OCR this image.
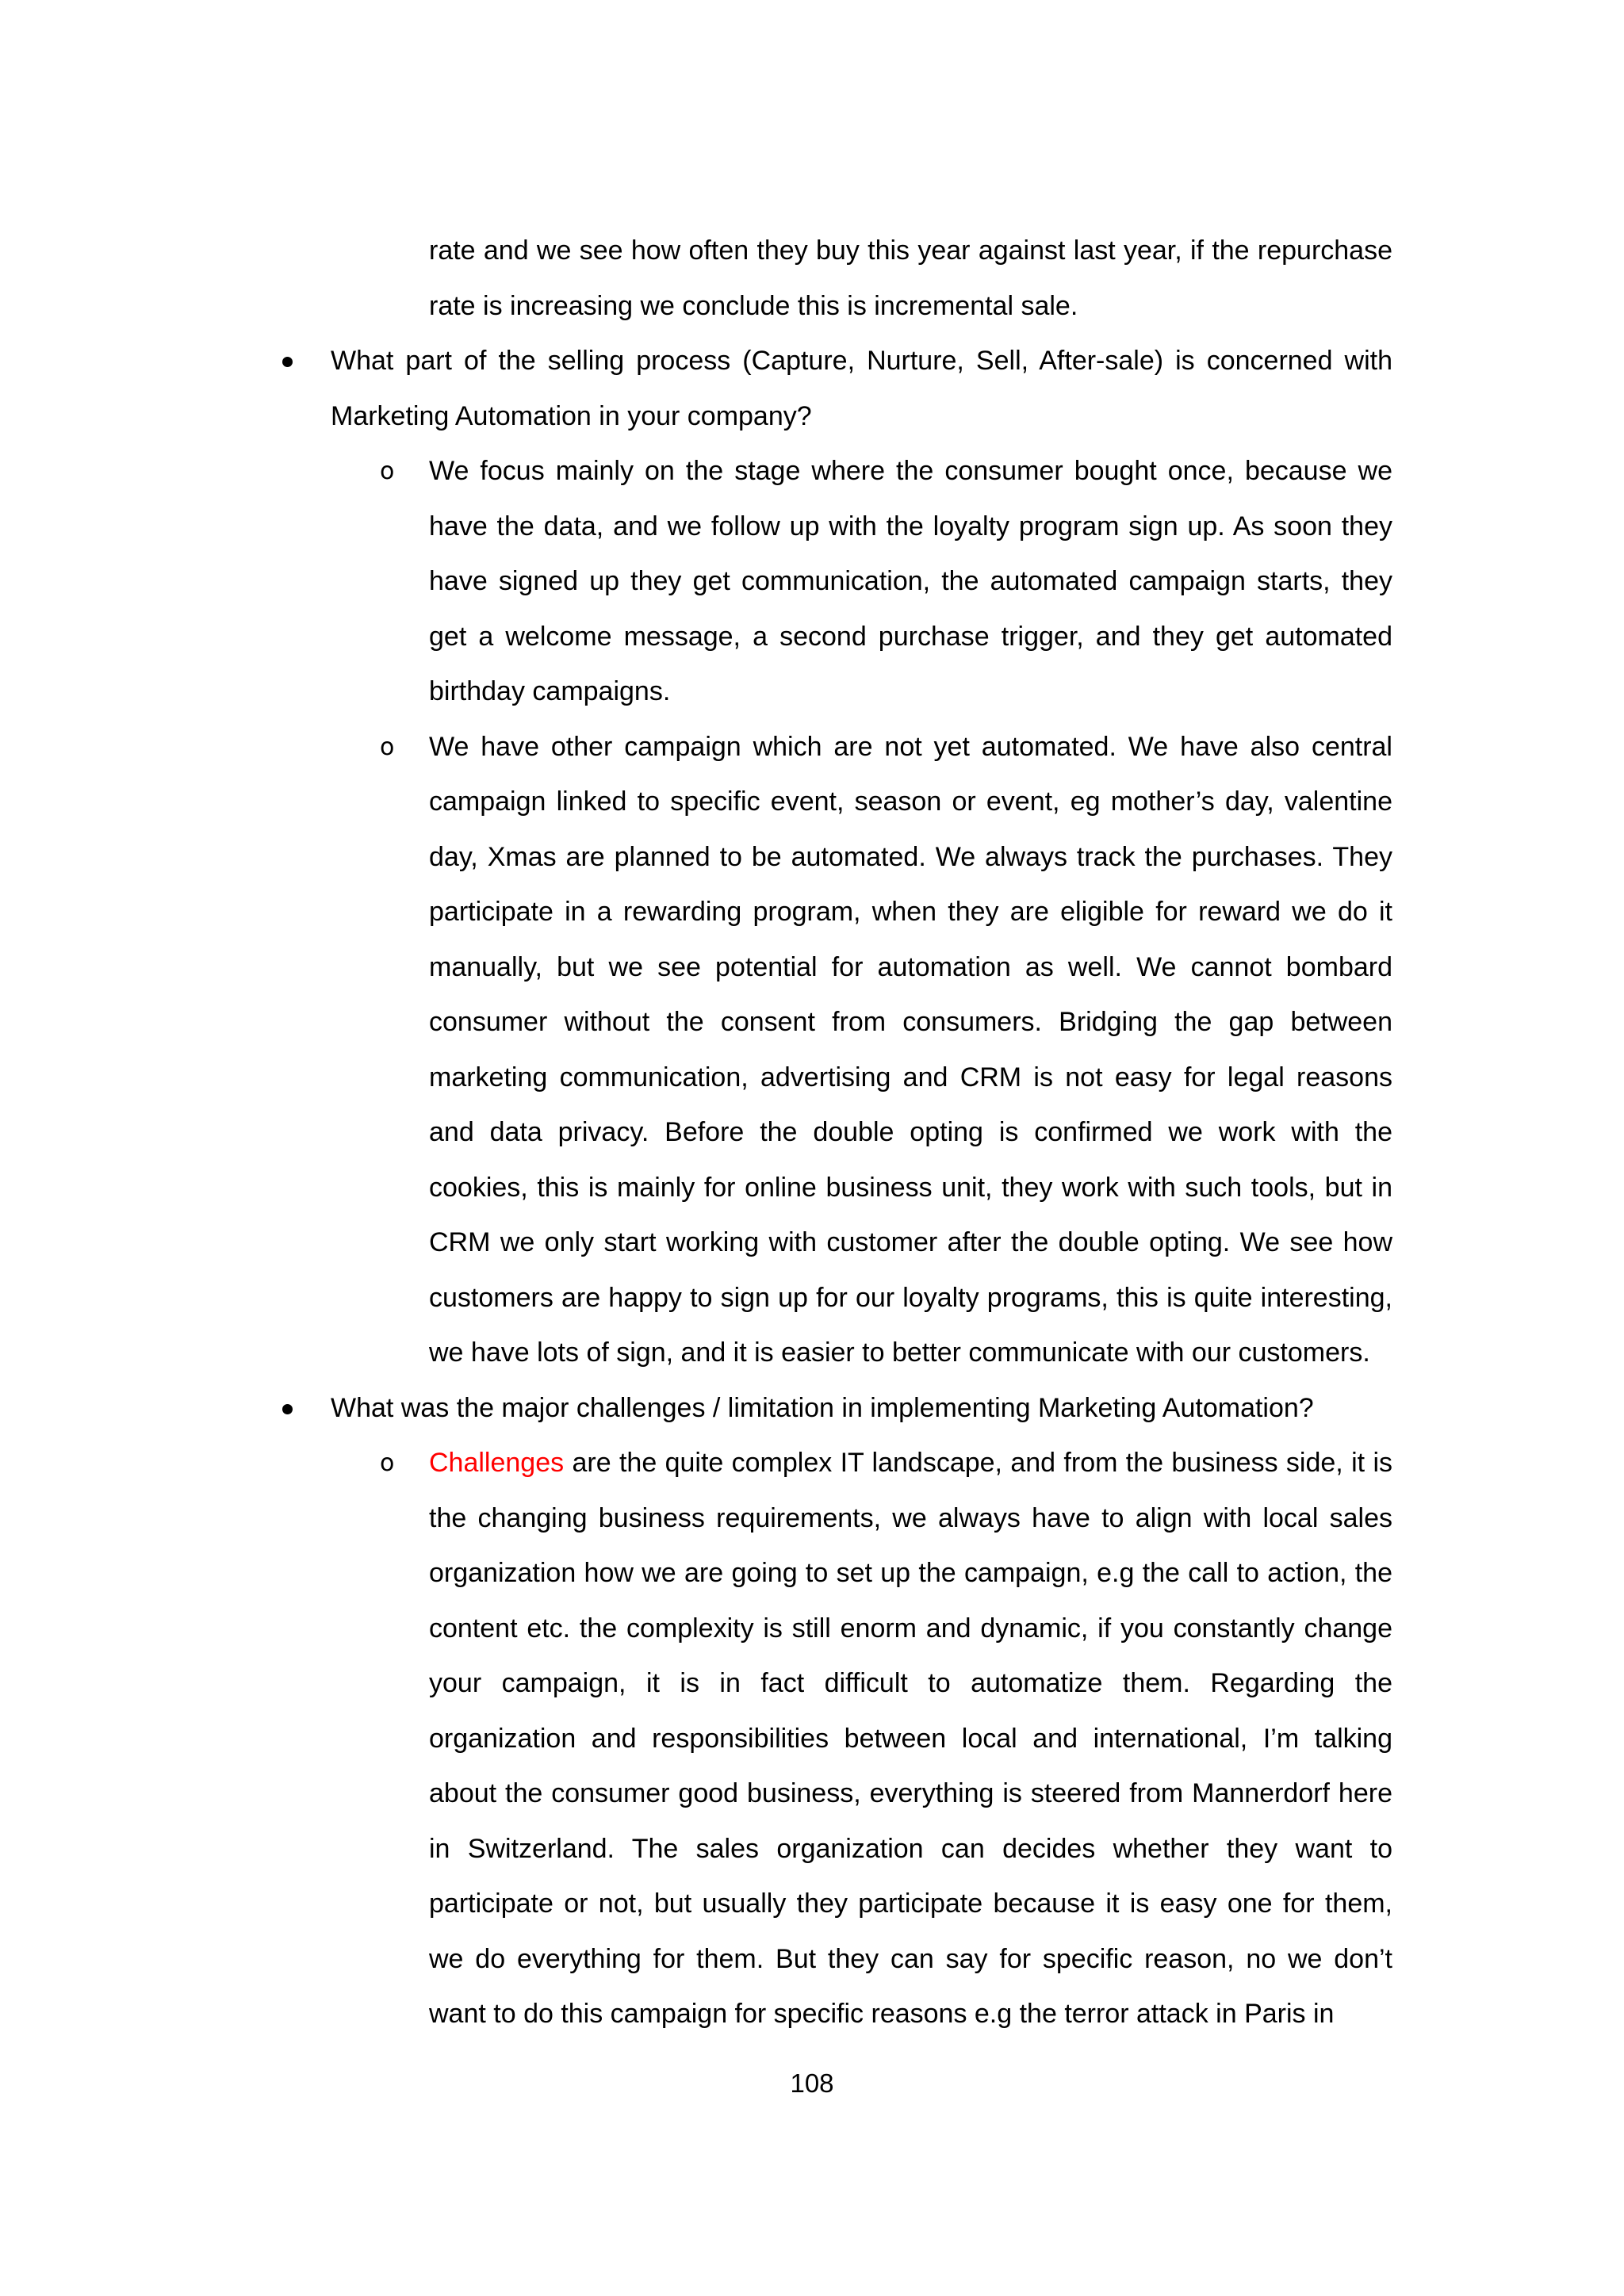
rate and we see how often they buy this year against last year, if the repurchase rate is increasing we conclude this is incremental sale.

What part of the selling process (Capture, Nurture, Sell, After-sale) is concerned with Marketing Automation in your company?
o	We focus mainly on the stage where the consumer bought once, because we have the data, and we follow up with the loyalty program sign up. As soon they have signed up they get communication, the automated campaign starts, they get a welcome message, a second purchase trigger, and they get automated birthday campaigns.
o	We have other campaign which are not yet automated. We have also central campaign linked to specific event, season or event, eg mother’s day, valentine day, Xmas are planned to be automated. We always track the purchases. They participate in a rewarding program, when they are eligible for reward we do it manually, but we see potential for automation as well. We cannot bombard consumer without the consent from consumers. Bridging the gap between marketing communication, advertising and CRM is not easy for legal reasons and data privacy. Before the double opting is confirmed we work with the cookies, this is mainly for online business unit, they work with such tools, but in CRM we only start working with customer after the double opting. We see how customers are happy to sign up for our loyalty programs, this is quite interesting, we have lots of sign, and it is easier to better communicate with our customers.
What was the major challenges / limitation in implementing Marketing Automation?
o	Challenges are the quite complex IT landscape, and from the business side, it is the changing business requirements, we always have to align with local sales organization how we are going to set up the campaign, e.g the call to action, the content etc. the complexity is still enorm and dynamic, if you constantly change your campaign, it is in fact difficult to automatize them. Regarding the organization and responsibilities between local and international, I’m talking about the consumer good business, everything is steered from Mannerdorf here in Switzerland. The sales organization can decides whether they want to participate or not, but usually they participate because it is easy one for them, we do everything for them. But they can say for specific reason, no we don’t want to do this campaign for specific reasons e.g the terror attack in Paris in
108
